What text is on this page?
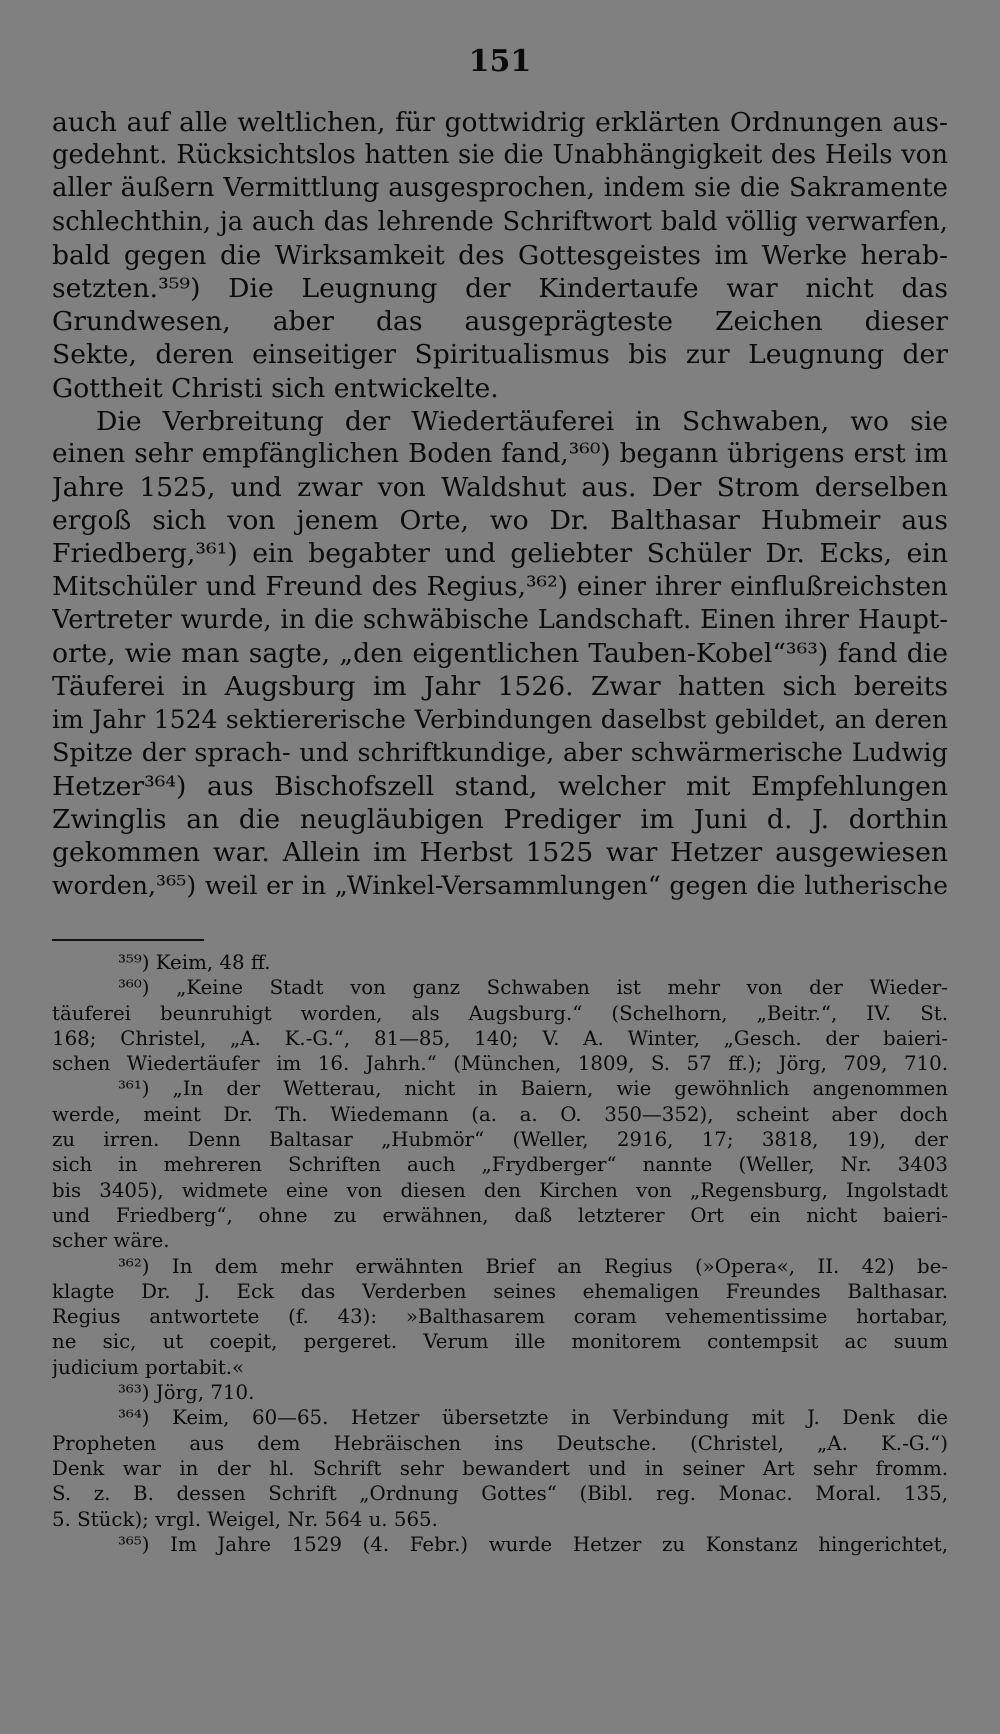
151
auch auf alle weltlichen, für gottwidrig erklärten Ordnungen aus-
gedehnt. Rücksichtslos hatten sie die Unabhängigkeit des Heils von
aller äußern Vermittlung ausgesprochen, indem sie die Sakramente
schlechthin, ja auch das lehrende Schriftwort bald völlig verwarfen,
bald gegen die Wirksamkeit des Gottesgeistes im Werke herab-
setzten.³⁵⁹) Die Leugnung der Kindertaufe war nicht das
Grundwesen, aber das ausgeprägteste Zeichen dieser
Sekte, deren einseitiger Spiritualismus bis zur Leugnung der
Gottheit Christi sich entwickelte.
Die Verbreitung der Wiedertäuferei in Schwaben, wo sie
einen sehr empfänglichen Boden fand,³⁶⁰) begann übrigens erst im
Jahre 1525, und zwar von Waldshut aus. Der Strom derselben
ergoß sich von jenem Orte, wo Dr. Balthasar Hubmeir aus
Friedberg,³⁶¹) ein begabter und geliebter Schüler Dr. Ecks, ein
Mitschüler und Freund des Regius,³⁶²) einer ihrer einflußreichsten
Vertreter wurde, in die schwäbische Landschaft. Einen ihrer Haupt-
orte, wie man sagte, „den eigentlichen Tauben-Kobel“³⁶³) fand die
Täuferei in Augsburg im Jahr 1526. Zwar hatten sich bereits
im Jahr 1524 sektiererische Verbindungen daselbst gebildet, an deren
Spitze der sprach- und schriftkundige, aber schwärmerische Ludwig
Hetzer³⁶⁴) aus Bischofszell stand, welcher mit Empfehlungen
Zwinglis an die neugläubigen Prediger im Juni d. J. dorthin
gekommen war. Allein im Herbst 1525 war Hetzer ausgewiesen
worden,³⁶⁵) weil er in „Winkel-Versammlungen“ gegen die lutherische
³⁵⁹) Keim, 48 ff.
³⁶⁰) „Keine Stadt von ganz Schwaben ist mehr von der Wieder-
täuferei beunruhigt worden, als Augsburg.“ (Schelhorn, „Beitr.“, IV. St.
168; Christel, „A. K.-G.“, 81—85, 140; V. A. Winter, „Gesch. der baieri-
schen Wiedertäufer im 16. Jahrh.“ (München, 1809, S. 57 ff.); Jörg, 709, 710.
³⁶¹) „In der Wetterau, nicht in Baiern, wie gewöhnlich angenommen
werde, meint Dr. Th. Wiedemann (a. a. O. 350—352), scheint aber doch
zu irren. Denn Baltasar „Hubmör“ (Weller, 2916, 17; 3818, 19), der
sich in mehreren Schriften auch „Frydberger“ nannte (Weller, Nr. 3403
bis 3405), widmete eine von diesen den Kirchen von „Regensburg, Ingolstadt
und Friedberg“, ohne zu erwähnen, daß letzterer Ort ein nicht baieri-
scher wäre.
³⁶²) In dem mehr erwähnten Brief an Regius (»Opera«, II. 42) be-
klagte Dr. J. Eck das Verderben seines ehemaligen Freundes Balthasar.
Regius antwortete (f. 43): »Balthasarem coram vehementissime hortabar,
ne sic, ut coepit, pergeret. Verum ille monitorem contempsit ac suum
judicium portabit.«
³⁶³) Jörg, 710.
³⁶⁴) Keim, 60—65. Hetzer übersetzte in Verbindung mit J. Denk die
Propheten aus dem Hebräischen ins Deutsche. (Christel, „A. K.-G.“)
Denk war in der hl. Schrift sehr bewandert und in seiner Art sehr fromm.
S. z. B. dessen Schrift „Ordnung Gottes“ (Bibl. reg. Monac. Moral. 135,
5. Stück); vrgl. Weigel, Nr. 564 u. 565.
³⁶⁵) Im Jahre 1529 (4. Febr.) wurde Hetzer zu Konstanz hingerichtet,
